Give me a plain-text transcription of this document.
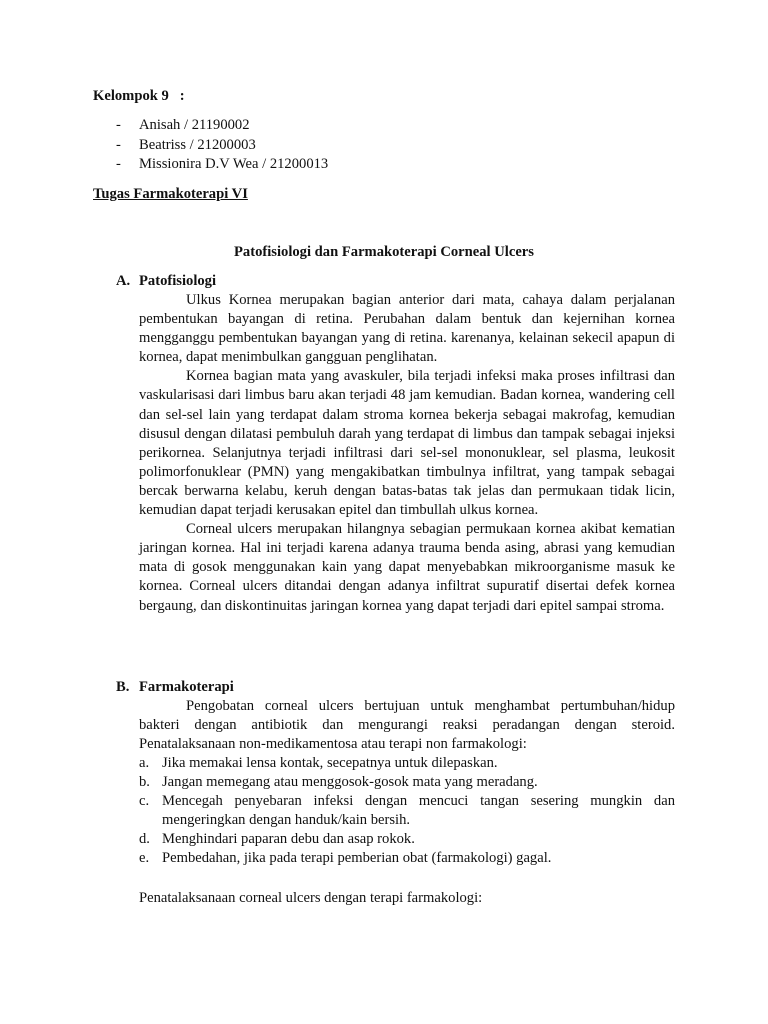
Kelompok 9   :
- Anisah / 21190002
- Beatriss / 21200003
- Missionira D.V Wea / 21200013
Tugas Farmakoterapi VI
Patofisiologi dan Farmakoterapi Corneal Ulcers
A. Patofisiologi

Ulkus Kornea merupakan bagian anterior dari mata, cahaya dalam perjalanan pembentukan bayangan di retina. Perubahan dalam bentuk dan kejernihan kornea mengganggu pembentukan bayangan yang di retina. karenanya, kelainan sekecil apapun di kornea, dapat menimbulkan gangguan penglihatan.

Kornea bagian mata yang avaskuler, bila terjadi infeksi maka proses infiltrasi dan vaskularisasi dari limbus baru akan terjadi 48 jam kemudian. Badan kornea, wandering cell dan sel-sel lain yang terdapat dalam stroma kornea bekerja sebagai makrofag, kemudian disusul dengan dilatasi pembuluh darah yang terdapat di limbus dan tampak sebagai injeksi perikornea. Selanjutnya terjadi infiltrasi dari sel-sel mononuklear, sel plasma, leukosit polimorfonuklear (PMN) yang mengakibatkan timbulnya infiltrat, yang tampak sebagai bercak berwarna kelabu, keruh dengan batas-batas tak jelas dan permukaan tidak licin, kemudian dapat terjadi kerusakan epitel dan timbullah ulkus kornea.

Corneal ulcers merupakan hilangnya sebagian permukaan kornea akibat kematian jaringan kornea. Hal ini terjadi karena adanya trauma benda asing, abrasi yang kemudian mata di gosok menggunakan kain yang dapat menyebabkan mikroorganisme masuk ke kornea. Corneal ulcers ditandai dengan adanya infiltrat supuratif disertai defek kornea bergaung, dan diskontinuitas jaringan kornea yang dapat terjadi dari epitel sampai stroma.

B. Farmakoterapi

Pengobatan corneal ulcers bertujuan untuk menghambat pertumbuhan/hidup bakteri dengan antibiotik dan mengurangi reaksi peradangan dengan steroid. Penatalaksanaan non-medikamentosa atau terapi non farmakologi:

a. Jika memakai lensa kontak, secepatnya untuk dilepaskan.
b. Jangan memegang atau menggosok-gosok mata yang meradang.
c. Mencegah penyebaran infeksi dengan mencuci tangan sesering mungkin dan mengeringkan dengan handuk/kain bersih.
d. Menghindari paparan debu dan asap rokok.
e. Pembedahan, jika pada terapi pemberian obat (farmakologi) gagal.
Penatalaksanaan corneal ulcers dengan terapi farmakologi:
